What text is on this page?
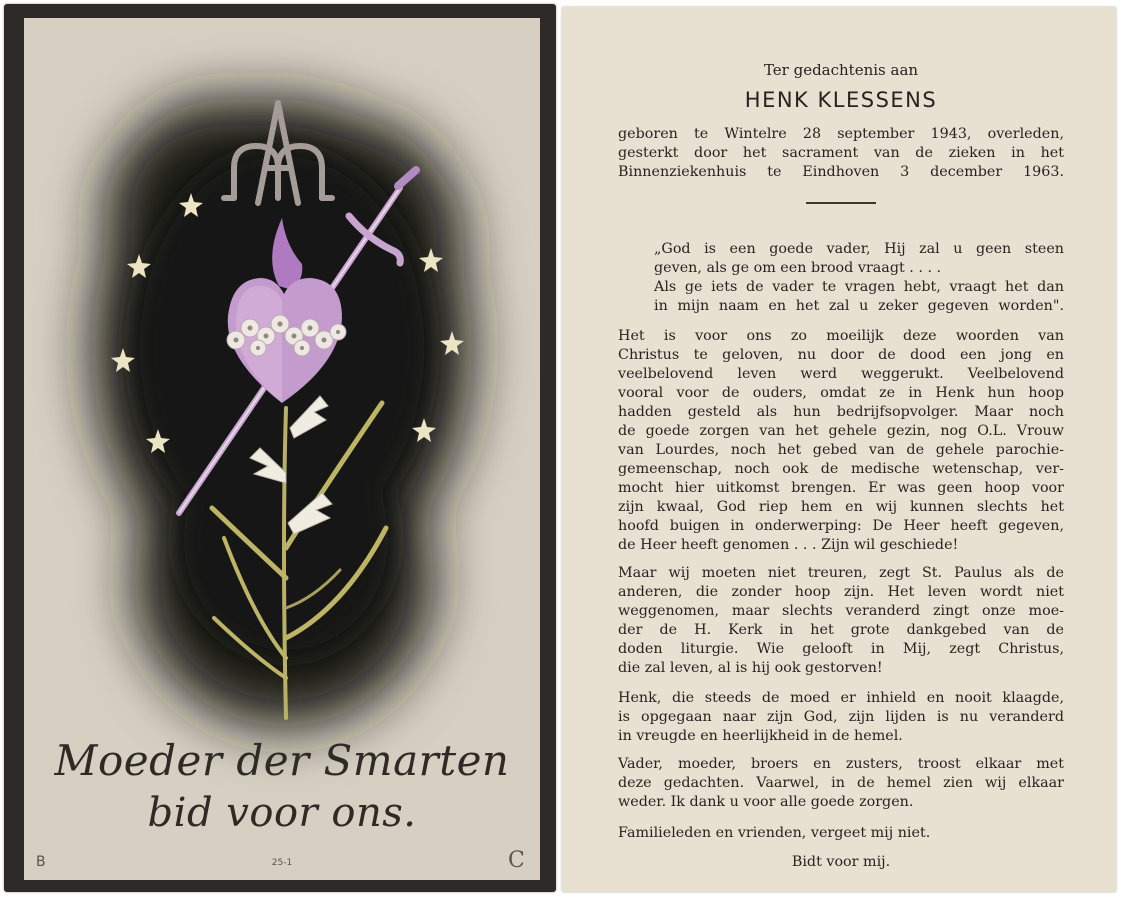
Moeder der Smarten
bid voor ons.
25-1
B	C
Ter gedachtenis aan
HENK KLESSENS
geboren te Wintelre 28 september 1943, overleden,
gesterkt door het sacrament van de zieken in het
Binnenziekenhuis te Eindhoven 3 december 1963.
„God is een goede vader, Hij zal u geen steen
geven, als ge om een brood vraagt . . . .
Als ge iets de vader te vragen hebt, vraagt het dan
in mijn naam en het zal u zeker gegeven worden".
Het is voor ons zo moeilijk deze woorden van
Christus te geloven, nu door de dood een jong en
veelbelovend leven werd weggerukt. Veelbelovend
vooral voor de ouders, omdat ze in Henk hun hoop
hadden gesteld als hun bedrijfsopvolger. Maar noch
de goede zorgen van het gehele gezin, nog O.L. Vrouw
van Lourdes, noch het gebed van de gehele parochie-
gemeenschap, noch ook de medische wetenschap, ver-
mocht hier uitkomst brengen. Er was geen hoop voor
zijn kwaal, God riep hem en wij kunnen slechts het
hoofd buigen in onderwerping: De Heer heeft gegeven,
de Heer heeft genomen . . . Zijn wil geschiede!
Maar wij moeten niet treuren, zegt St. Paulus als de
anderen, die zonder hoop zijn. Het leven wordt niet
weggenomen, maar slechts veranderd zingt onze moe-
der de H. Kerk in het grote dankgebed van de
doden liturgie. Wie gelooft in Mij, zegt Christus,
die zal leven, al is hij ook gestorven!
Henk, die steeds de moed er inhield en nooit klaagde,
is opgegaan naar zijn God, zijn lijden is nu veranderd
in vreugde en heerlijkheid in de hemel.
Vader, moeder, broers en zusters, troost elkaar met
deze gedachten. Vaarwel, in de hemel zien wij elkaar
weder. Ik dank u voor alle goede zorgen.
Familieleden en vrienden, vergeet mij niet.
Bidt voor mij.
